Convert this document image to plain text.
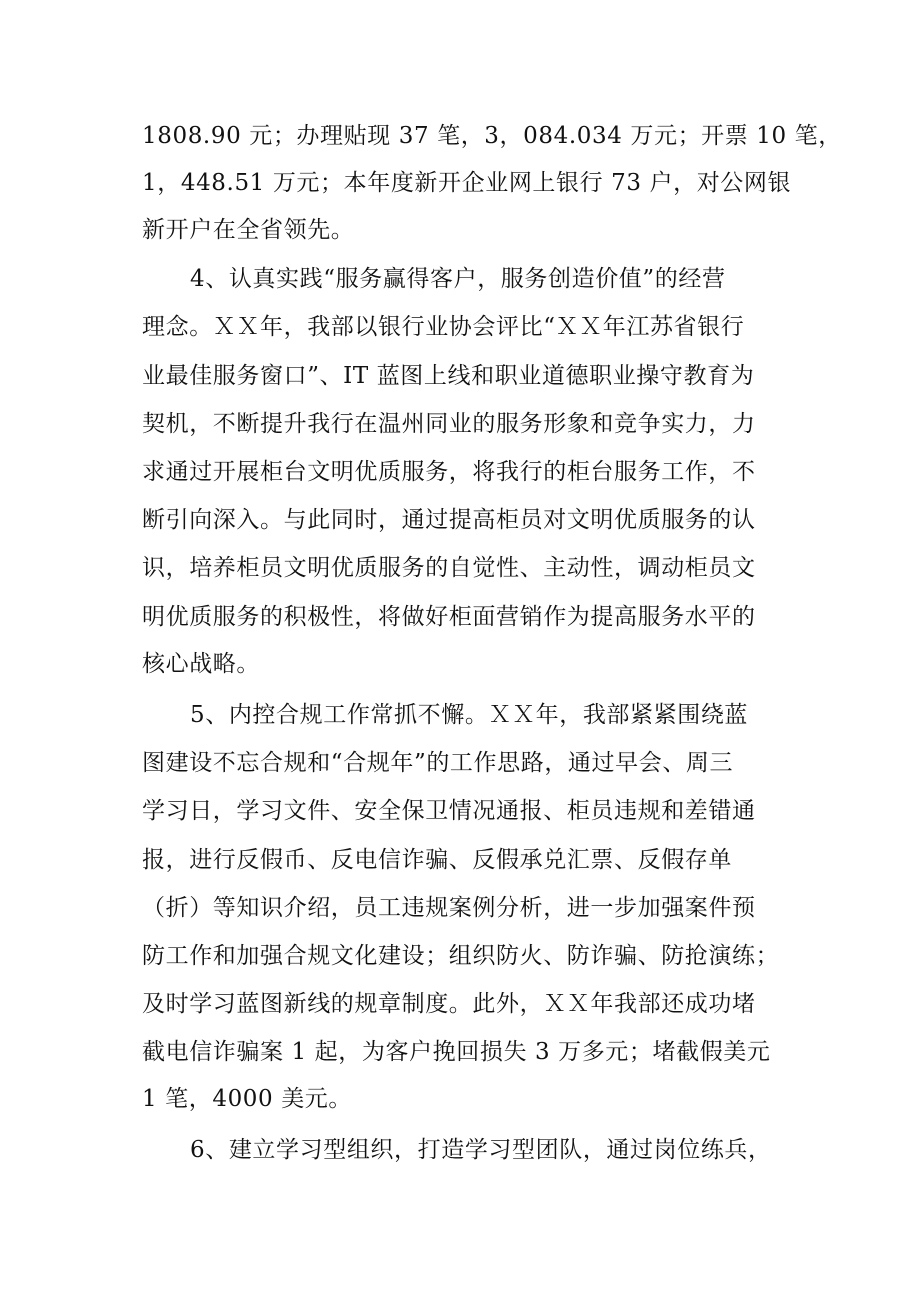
1808.90 元；办理贴现 37 笔，3，084.034 万元；开票 10 笔，
1，448.51 万元；本年度新开企业网上银行 73 户，对公网银
新开户在全省领先。
4、认真实践“服务赢得客户，服务创造价值”的经营
理念。ＸＸ年，我部以银行业协会评比“ＸＸ年江苏省银行
业最佳服务窗口”、IT 蓝图上线和职业道德职业操守教育为
契机，不断提升我行在温州同业的服务形象和竞争实力，力
求通过开展柜台文明优质服务，将我行的柜台服务工作，不
断引向深入。与此同时，通过提高柜员对文明优质服务的认
识，培养柜员文明优质服务的自觉性、主动性，调动柜员文
明优质服务的积极性，将做好柜面营销作为提高服务水平的
核心战略。
5、内控合规工作常抓不懈。ＸＸ年，我部紧紧围绕蓝
图建设不忘合规和“合规年”的工作思路，通过早会、周三
学习日，学习文件、安全保卫情况通报、柜员违规和差错通
报，进行反假币、反电信诈骗、反假承兑汇票、反假存单
（折）等知识介绍，员工违规案例分析，进一步加强案件预
防工作和加强合规文化建设；组织防火、防诈骗、防抢演练；
及时学习蓝图新线的规章制度。此外，ＸＸ年我部还成功堵
截电信诈骗案 1 起，为客户挽回损失 3 万多元；堵截假美元
1 笔，4000 美元。
6、建立学习型组织，打造学习型团队，通过岗位练兵，
